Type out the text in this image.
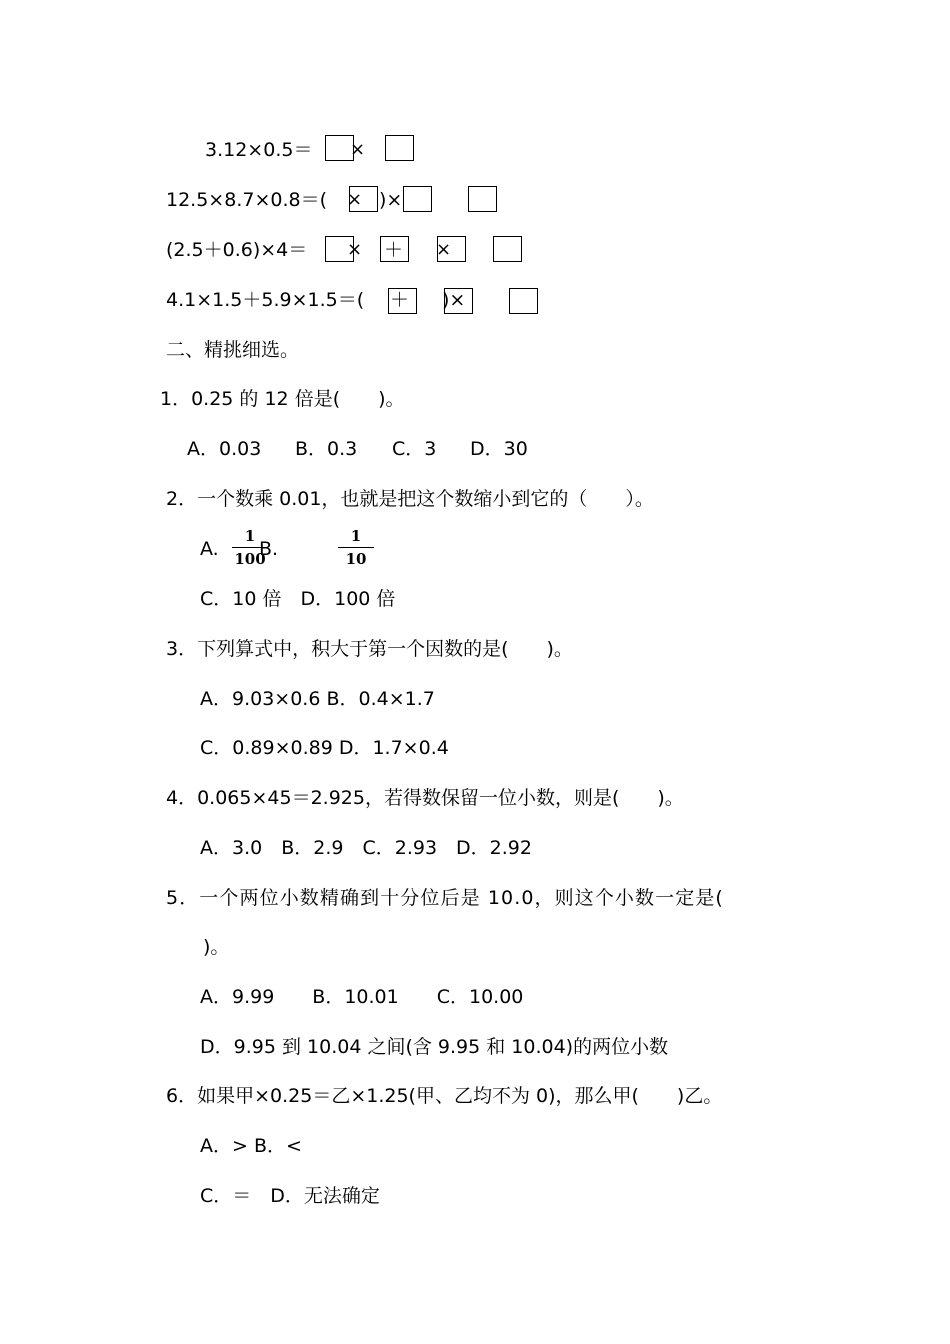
3.12×0.5＝ ×
12.5×8.7×0.8＝( × )×
(2.5＋0.6)×4＝ × ＋ ×
4.1×1.5＋5.9×1.5＝( ＋ )×
二、精挑细选。
1．0.25 的 12 倍是(　　)。
A．0.03 B．0.3 C．3 D．30
2．一个数乘 0.01，也就是把这个数缩小到它的（　　）。
A.
1
100
B.
1
10
C．10 倍　D．100 倍
3．下列算式中，积大于第一个因数的是(　　)。
A．9.03×0.6 B．0.4×1.7
C．0.89×0.89 D．1.7×0.4
4．0.065×45＝2.925，若得数保留一位小数，则是(　　)。
A．3.0　B．2.9　C．2.93　D．2.92
5．一个两位小数精确到十分位后是 10.0，则这个小数一定是(
)。
A．9.99　　B．10.01　　C．10.00
D．9.95 到 10.04 之间(含 9.95 和 10.04)的两位小数
6．如果甲×0.25＝乙×1.25(甲、乙均不为 0)，那么甲(　　)乙。
A．> B．<
C．＝　D．无法确定
